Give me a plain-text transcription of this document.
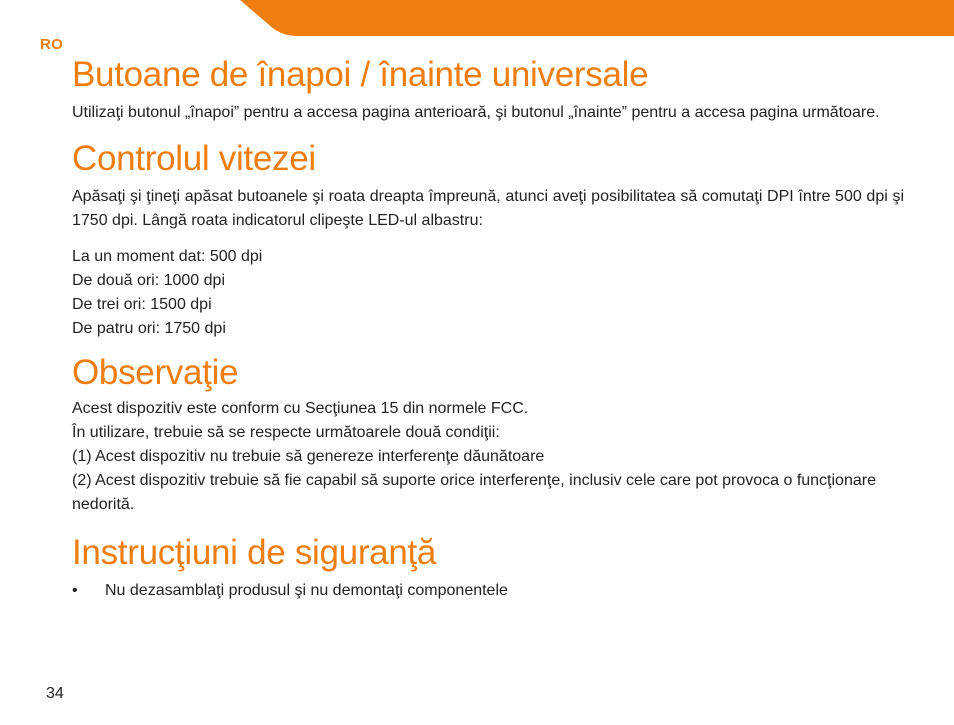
RO
Butoane de înapoi / înainte universale

Utilizaţi butonul „înapoi” pentru a accesa pagina anterioară, şi butonul „înainte” pentru a accesa pagina următoare.

Controlul vitezei

Apăsaţi şi ţineţi apăsat butoanele şi roata dreapta împreună, atunci aveţi posibilitatea să comutaţi DPI între 500 dpi şi 1750 dpi. Lângă roata indicatorul clipeşte LED-ul albastru:

La un moment dat: 500 dpi

De două ori: 1000 dpi

De trei ori: 1500 dpi

De patru ori: 1750 dpi

Observaţie

Acest dispozitiv este conform cu Secţiunea 15 din normele FCC.

În utilizare, trebuie să se respecte următoarele două condiţii:

(1) Acest dispozitiv nu trebuie să genereze interferenţe dăunătoare

(2) Acest dispozitiv trebuie să fie capabil să suporte orice interferenţe, inclusiv cele care pot provoca o funcţionare nedorită.

Instrucţiuni de siguranţă
• Nu dezasamblaţi produsul şi nu demontaţi componentele
34
